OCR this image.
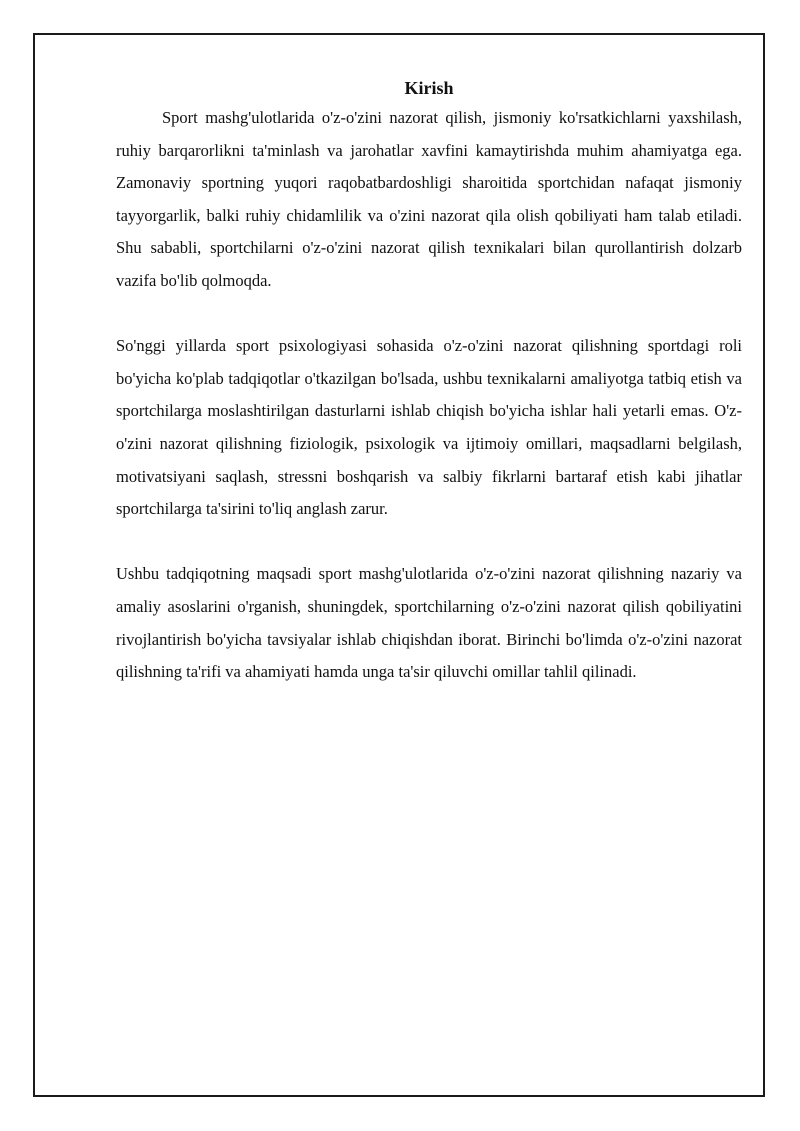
Kirish

Sport mashg'ulotlarida o'z-o'zini nazorat qilish, jismoniy ko'rsatkichlarni yaxshilash, ruhiy barqarorlikni ta'minlash va jarohatlar xavfini kamaytirishda muhim ahamiyatga ega. Zamonaviy sportning yuqori raqobatbardoshligi sharoitida sportchidan nafaqat jismoniy tayyorgarlik, balki ruhiy chidamlilik va o'zini nazorat qila olish qobiliyati ham talab etiladi. Shu sababli, sportchilarni o'z-o'zini nazorat qilish texnikalari bilan qurollantirish dolzarb vazifa bo'lib qolmoqda.

So'nggi yillarda sport psixologiyasi sohasida o'z-o'zini nazorat qilishning sportdagi roli bo'yicha ko'plab tadqiqotlar o'tkazilgan bo'lsada, ushbu texnikalarni amaliyotga tatbiq etish va sportchilarga moslashtirilgan dasturlarni ishlab chiqish bo'yicha ishlar hali yetarli emas. O'z-o'zini nazorat qilishning fiziologik, psixologik va ijtimoiy omillari, maqsadlarni belgilash, motivatsiyani saqlash, stressni boshqarish va salbiy fikrlarni bartaraf etish kabi jihatlar sportchilarga ta'sirini to'liq anglash zarur.

Ushbu tadqiqotning maqsadi sport mashg'ulotlarida o'z-o'zini nazorat qilishning nazariy va amaliy asoslarini o'rganish, shuningdek, sportchilarning o'z-o'zini nazorat qilish qobiliyatini rivojlantirish bo'yicha tavsiyalar ishlab chiqishdan iborat. Birinchi bo'limda o'z-o'zini nazorat qilishning ta'rifi va ahamiyati hamda unga ta'sir qiluvchi omillar tahlil qilinadi.
